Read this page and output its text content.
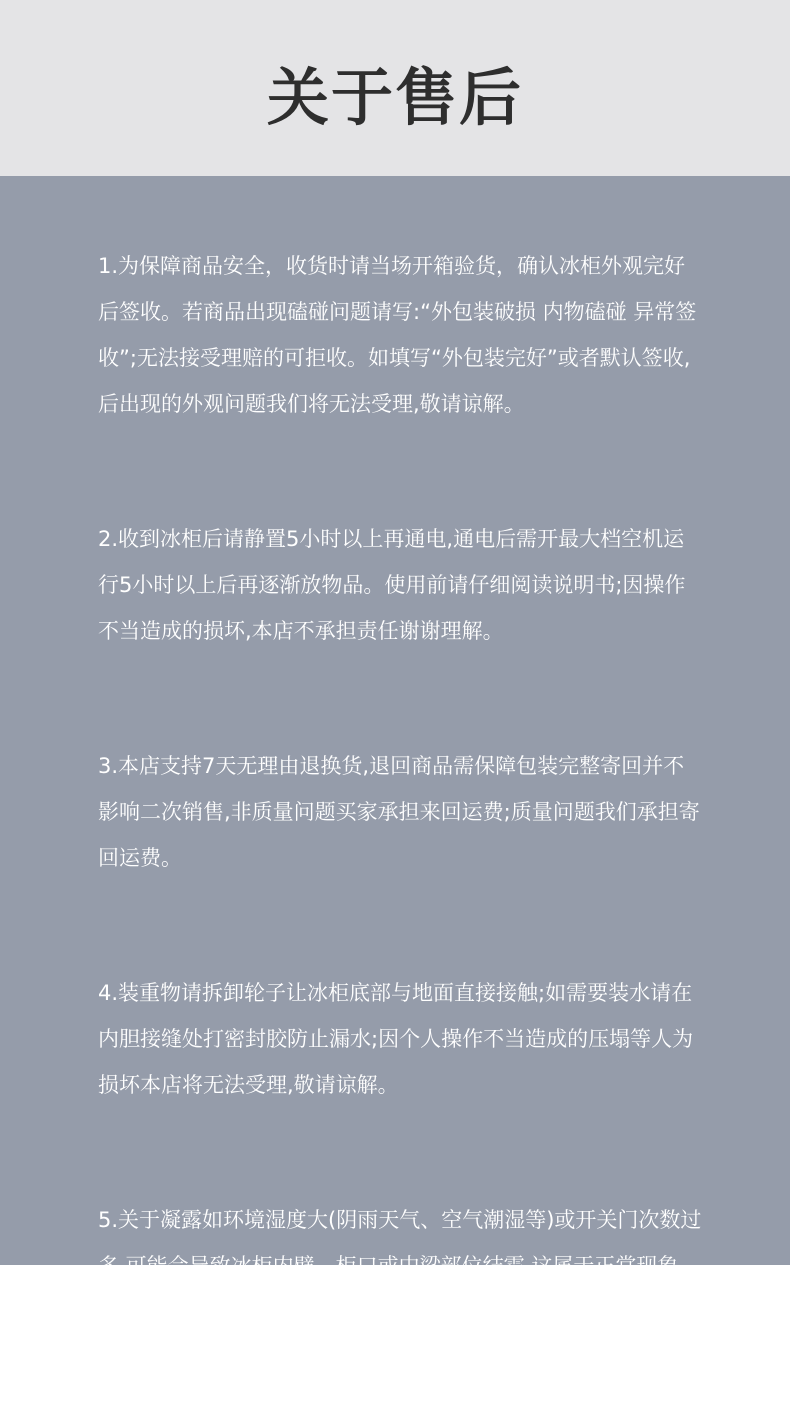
关于售后

1.为保障商品安全，收货时请当场开箱验货，确认冰柜外观完好后签收。若商品出现磕碰问题请写:“外包装破损 内物磕碰 异常签收”;无法接受理赔的可拒收。如填写“外包装完好”或者默认签收,后出现的外观问题我们将无法受理,敬请谅解。

2.收到冰柜后请静置5小时以上再通电,通电后需开最大档空机运行5小时以上后再逐渐放物品。使用前请仔细阅读说明书;因操作不当造成的损坏,本店不承担责任谢谢理解。

3.本店支持7天无理由退换货,退回商品需保障包装完整寄回并不影响二次销售,非质量问题买家承担来回运费;质量问题我们承担寄回运费。

4.装重物请拆卸轮子让冰柜底部与地面直接接触;如需要装水请在内胆接缝处打密封胶防止漏水;因个人操作不当造成的压塌等人为损坏本店将无法受理,敬请谅解。

5.关于凝露如环境湿度大(阴雨天气、空气潮湿等)或开关门次数过多.可能会导致冰柜内壁、柜口或中梁部位结霜,这属于正常现象,请您用干毛巾擦干净即可。通过减少开关门的次数、汤汁类食品密封后存放等方法,可以减轻情况，同时水果蔬菜避免贴近后壁以防冻伤。
